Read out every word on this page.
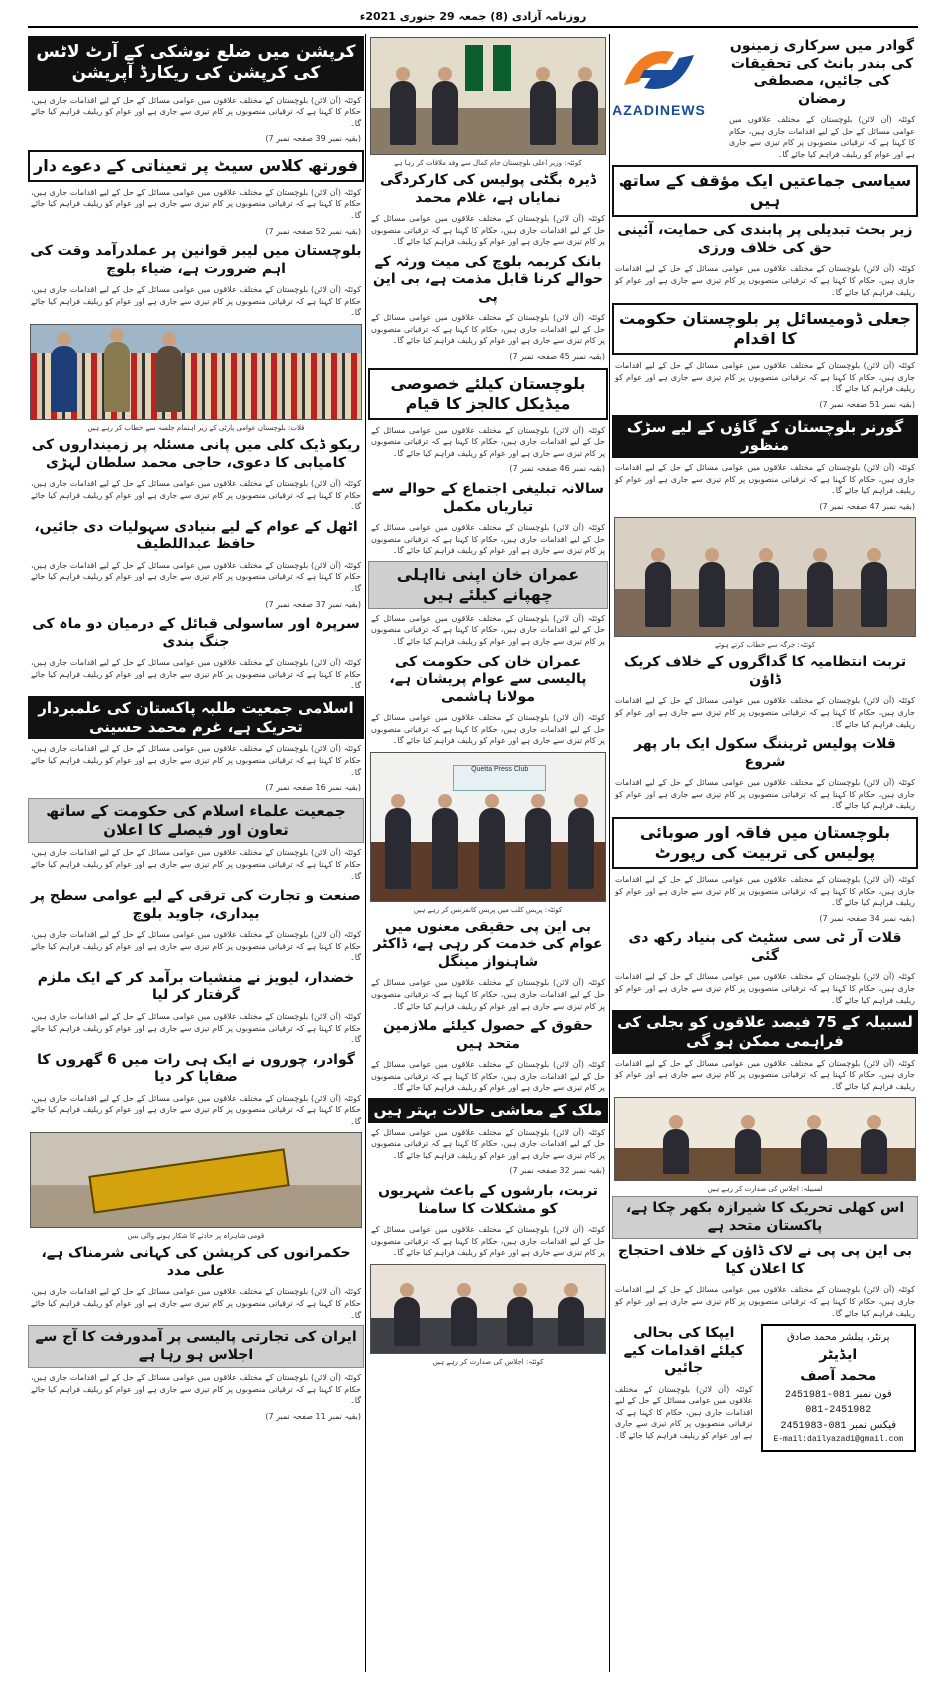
روزنامہ آزادی (8) جمعہ 29 جنوری 2021ء
AZADINEWS
گوادر میں سرکاری زمینوں کی بندر بانٹ کی تحقیقات کی جائیں، مصطفی رمضان
کوئٹہ (آن لائن) بلوچستان کے مختلف علاقوں میں عوامی مسائل کے حل کے لیے اقدامات جاری ہیں، حکام کا کہنا ہے کہ ترقیاتی منصوبوں پر کام تیزی سے جاری ہے اور عوام کو ریلیف فراہم کیا جائے گا۔
سیاسی جماعتیں ایک مؤقف کے ساتھ ہیں
زیر بحث تبدیلی پر پابندی کی حمایت، آئینی حق کی خلاف ورزی
کوئٹہ (آن لائن) بلوچستان کے مختلف علاقوں میں عوامی مسائل کے حل کے لیے اقدامات جاری ہیں، حکام کا کہنا ہے کہ ترقیاتی منصوبوں پر کام تیزی سے جاری ہے اور عوام کو ریلیف فراہم کیا جائے گا۔
جعلی ڈومیسائل پر بلوچستان حکومت کا اقدام
کوئٹہ (آن لائن) بلوچستان کے مختلف علاقوں میں عوامی مسائل کے حل کے لیے اقدامات جاری ہیں، حکام کا کہنا ہے کہ ترقیاتی منصوبوں پر کام تیزی سے جاری ہے اور عوام کو ریلیف فراہم کیا جائے گا۔
(بقیہ نمبر 51 صفحہ نمبر 7)
گورنر بلوچستان کے گاؤں کے لیے سڑک منظور
کوئٹہ (آن لائن) بلوچستان کے مختلف علاقوں میں عوامی مسائل کے حل کے لیے اقدامات جاری ہیں، حکام کا کہنا ہے کہ ترقیاتی منصوبوں پر کام تیزی سے جاری ہے اور عوام کو ریلیف فراہم کیا جائے گا۔
(بقیہ نمبر 47 صفحہ نمبر 7)
کوئٹہ: جرگہ سے خطاب کرتے ہوئے
تربت انتظامیہ کا گداگروں کے خلاف کریک ڈاؤن
کوئٹہ (آن لائن) بلوچستان کے مختلف علاقوں میں عوامی مسائل کے حل کے لیے اقدامات جاری ہیں، حکام کا کہنا ہے کہ ترقیاتی منصوبوں پر کام تیزی سے جاری ہے اور عوام کو ریلیف فراہم کیا جائے گا۔
قلات پولیس ٹریننگ سکول ایک بار پھر شروع
کوئٹہ (آن لائن) بلوچستان کے مختلف علاقوں میں عوامی مسائل کے حل کے لیے اقدامات جاری ہیں، حکام کا کہنا ہے کہ ترقیاتی منصوبوں پر کام تیزی سے جاری ہے اور عوام کو ریلیف فراہم کیا جائے گا۔
بلوچستان میں فاقہ اور صوبائی پولیس کی تربیت کی رپورٹ
کوئٹہ (آن لائن) بلوچستان کے مختلف علاقوں میں عوامی مسائل کے حل کے لیے اقدامات جاری ہیں، حکام کا کہنا ہے کہ ترقیاتی منصوبوں پر کام تیزی سے جاری ہے اور عوام کو ریلیف فراہم کیا جائے گا۔
(بقیہ نمبر 34 صفحہ نمبر 7)
قلات آر ٹی سی سٹیٹ کی بنیاد رکھ دی گئی
کوئٹہ (آن لائن) بلوچستان کے مختلف علاقوں میں عوامی مسائل کے حل کے لیے اقدامات جاری ہیں، حکام کا کہنا ہے کہ ترقیاتی منصوبوں پر کام تیزی سے جاری ہے اور عوام کو ریلیف فراہم کیا جائے گا۔
لسبیلہ کے 75 فیصد علاقوں کو بجلی کی فراہمی ممکن ہو گی
کوئٹہ (آن لائن) بلوچستان کے مختلف علاقوں میں عوامی مسائل کے حل کے لیے اقدامات جاری ہیں، حکام کا کہنا ہے کہ ترقیاتی منصوبوں پر کام تیزی سے جاری ہے اور عوام کو ریلیف فراہم کیا جائے گا۔
لسبیلہ: اجلاس کی صدارت کر رہے ہیں
اس کھلی تحریک کا شیرازہ بکھر چکا ہے، پاکستان متحد ہے
بی این پی پی نے لاک ڈاؤن کے خلاف احتجاج کا اعلان کیا
کوئٹہ (آن لائن) بلوچستان کے مختلف علاقوں میں عوامی مسائل کے حل کے لیے اقدامات جاری ہیں، حکام کا کہنا ہے کہ ترقیاتی منصوبوں پر کام تیزی سے جاری ہے اور عوام کو ریلیف فراہم کیا جائے گا۔
پرنٹر، پبلشر محمد صادق
ایڈیٹر
محمد آصف
فون نمبر 081-2451981
081-2451982
فیکس نمبر 081-2451983
E-mail:dailyazadi@gmail.com
ایپکا کی بحالی کیلئے اقدامات کیے جائیں
کوئٹہ (آن لائن) بلوچستان کے مختلف علاقوں میں عوامی مسائل کے حل کے لیے اقدامات جاری ہیں، حکام کا کہنا ہے کہ ترقیاتی منصوبوں پر کام تیزی سے جاری ہے اور عوام کو ریلیف فراہم کیا جائے گا۔
کوئٹہ: وزیر اعلی بلوچستان جام کمال سے وفد ملاقات کر رہا ہے
ڈیرہ بگٹی پولیس کی کارکردگی نمایاں ہے، غلام محمد
کوئٹہ (آن لائن) بلوچستان کے مختلف علاقوں میں عوامی مسائل کے حل کے لیے اقدامات جاری ہیں، حکام کا کہنا ہے کہ ترقیاتی منصوبوں پر کام تیزی سے جاری ہے اور عوام کو ریلیف فراہم کیا جائے گا۔
بانک کریمہ بلوچ کی میت ورثہ کے حوالے کرنا قابل مذمت ہے، بی این پی
کوئٹہ (آن لائن) بلوچستان کے مختلف علاقوں میں عوامی مسائل کے حل کے لیے اقدامات جاری ہیں، حکام کا کہنا ہے کہ ترقیاتی منصوبوں پر کام تیزی سے جاری ہے اور عوام کو ریلیف فراہم کیا جائے گا۔
(بقیہ نمبر 45 صفحہ نمبر 7)
بلوچستان کیلئے خصوصی میڈیکل کالجز کا قیام
کوئٹہ (آن لائن) بلوچستان کے مختلف علاقوں میں عوامی مسائل کے حل کے لیے اقدامات جاری ہیں، حکام کا کہنا ہے کہ ترقیاتی منصوبوں پر کام تیزی سے جاری ہے اور عوام کو ریلیف فراہم کیا جائے گا۔
(بقیہ نمبر 46 صفحہ نمبر 7)
سالانہ تبلیغی اجتماع کے حوالے سے تیاریاں مکمل
کوئٹہ (آن لائن) بلوچستان کے مختلف علاقوں میں عوامی مسائل کے حل کے لیے اقدامات جاری ہیں، حکام کا کہنا ہے کہ ترقیاتی منصوبوں پر کام تیزی سے جاری ہے اور عوام کو ریلیف فراہم کیا جائے گا۔
عمران خان اپنی نااہلی چھپانے کیلئے ہیں
کوئٹہ (آن لائن) بلوچستان کے مختلف علاقوں میں عوامی مسائل کے حل کے لیے اقدامات جاری ہیں، حکام کا کہنا ہے کہ ترقیاتی منصوبوں پر کام تیزی سے جاری ہے اور عوام کو ریلیف فراہم کیا جائے گا۔
عمران خان کی حکومت کی پالیسی سے عوام پریشان ہے، مولانا ہاشمی
کوئٹہ (آن لائن) بلوچستان کے مختلف علاقوں میں عوامی مسائل کے حل کے لیے اقدامات جاری ہیں، حکام کا کہنا ہے کہ ترقیاتی منصوبوں پر کام تیزی سے جاری ہے اور عوام کو ریلیف فراہم کیا جائے گا۔
Quetta Press Club
کوئٹہ: پریس کلب میں پریس کانفرنس کر رہے ہیں
بی این پی حقیقی معنوں میں عوام کی خدمت کر رہی ہے، ڈاکٹر شاہنواز مینگل
کوئٹہ (آن لائن) بلوچستان کے مختلف علاقوں میں عوامی مسائل کے حل کے لیے اقدامات جاری ہیں، حکام کا کہنا ہے کہ ترقیاتی منصوبوں پر کام تیزی سے جاری ہے اور عوام کو ریلیف فراہم کیا جائے گا۔
حقوق کے حصول کیلئے ملازمین متحد ہیں
کوئٹہ (آن لائن) بلوچستان کے مختلف علاقوں میں عوامی مسائل کے حل کے لیے اقدامات جاری ہیں، حکام کا کہنا ہے کہ ترقیاتی منصوبوں پر کام تیزی سے جاری ہے اور عوام کو ریلیف فراہم کیا جائے گا۔
ملک کے معاشی حالات بہتر ہیں
کوئٹہ (آن لائن) بلوچستان کے مختلف علاقوں میں عوامی مسائل کے حل کے لیے اقدامات جاری ہیں، حکام کا کہنا ہے کہ ترقیاتی منصوبوں پر کام تیزی سے جاری ہے اور عوام کو ریلیف فراہم کیا جائے گا۔
(بقیہ نمبر 32 صفحہ نمبر 7)
تربت، بارشوں کے باعث شہریوں کو مشکلات کا سامنا
کوئٹہ (آن لائن) بلوچستان کے مختلف علاقوں میں عوامی مسائل کے حل کے لیے اقدامات جاری ہیں، حکام کا کہنا ہے کہ ترقیاتی منصوبوں پر کام تیزی سے جاری ہے اور عوام کو ریلیف فراہم کیا جائے گا۔
کوئٹہ: اجلاس کی صدارت کر رہے ہیں
کرپشن میں ضلع نوشکی کے آرٹ لاٹس کی کرپشن کی ریکارڈ آپریشن
کوئٹہ (آن لائن) بلوچستان کے مختلف علاقوں میں عوامی مسائل کے حل کے لیے اقدامات جاری ہیں، حکام کا کہنا ہے کہ ترقیاتی منصوبوں پر کام تیزی سے جاری ہے اور عوام کو ریلیف فراہم کیا جائے گا۔
(بقیہ نمبر 39 صفحہ نمبر 7)
فورتھ کلاس سیٹ پر تعیناتی کے دعوے دار
کوئٹہ (آن لائن) بلوچستان کے مختلف علاقوں میں عوامی مسائل کے حل کے لیے اقدامات جاری ہیں، حکام کا کہنا ہے کہ ترقیاتی منصوبوں پر کام تیزی سے جاری ہے اور عوام کو ریلیف فراہم کیا جائے گا۔
(بقیہ نمبر 52 صفحہ نمبر 7)
بلوچستان میں لیبر قوانین پر عملدرآمد وقت کی اہم ضرورت ہے، ضیاء بلوچ
کوئٹہ (آن لائن) بلوچستان کے مختلف علاقوں میں عوامی مسائل کے حل کے لیے اقدامات جاری ہیں، حکام کا کہنا ہے کہ ترقیاتی منصوبوں پر کام تیزی سے جاری ہے اور عوام کو ریلیف فراہم کیا جائے گا۔
قلات: بلوچستان عوامی پارٹی کے زیر اہتمام جلسہ سے خطاب کر رہے ہیں
ریکو ڈیک کلی میں پانی مسئلہ پر زمینداروں کی کامیابی کا دعوی، حاجی محمد سلطان لہڑی
کوئٹہ (آن لائن) بلوچستان کے مختلف علاقوں میں عوامی مسائل کے حل کے لیے اقدامات جاری ہیں، حکام کا کہنا ہے کہ ترقیاتی منصوبوں پر کام تیزی سے جاری ہے اور عوام کو ریلیف فراہم کیا جائے گا۔
اٹھل کے عوام کے لیے بنیادی سہولیات دی جائیں، حافظ عبداللطیف
کوئٹہ (آن لائن) بلوچستان کے مختلف علاقوں میں عوامی مسائل کے حل کے لیے اقدامات جاری ہیں، حکام کا کہنا ہے کہ ترقیاتی منصوبوں پر کام تیزی سے جاری ہے اور عوام کو ریلیف فراہم کیا جائے گا۔
(بقیہ نمبر 37 صفحہ نمبر 7)
سرپرہ اور ساسولی قبائل کے درمیان دو ماہ کی جنگ بندی
کوئٹہ (آن لائن) بلوچستان کے مختلف علاقوں میں عوامی مسائل کے حل کے لیے اقدامات جاری ہیں، حکام کا کہنا ہے کہ ترقیاتی منصوبوں پر کام تیزی سے جاری ہے اور عوام کو ریلیف فراہم کیا جائے گا۔
اسلامی جمعیت طلبہ پاکستان کی علمبردار تحریک ہے، غرم محمد حسینی
کوئٹہ (آن لائن) بلوچستان کے مختلف علاقوں میں عوامی مسائل کے حل کے لیے اقدامات جاری ہیں، حکام کا کہنا ہے کہ ترقیاتی منصوبوں پر کام تیزی سے جاری ہے اور عوام کو ریلیف فراہم کیا جائے گا۔
(بقیہ نمبر 16 صفحہ نمبر 7)
جمعیت علماء اسلام کی حکومت کے ساتھ تعاون اور فیصلے کا اعلان
کوئٹہ (آن لائن) بلوچستان کے مختلف علاقوں میں عوامی مسائل کے حل کے لیے اقدامات جاری ہیں، حکام کا کہنا ہے کہ ترقیاتی منصوبوں پر کام تیزی سے جاری ہے اور عوام کو ریلیف فراہم کیا جائے گا۔
صنعت و تجارت کی ترقی کے لیے عوامی سطح پر بیداری، جاوید بلوچ
کوئٹہ (آن لائن) بلوچستان کے مختلف علاقوں میں عوامی مسائل کے حل کے لیے اقدامات جاری ہیں، حکام کا کہنا ہے کہ ترقیاتی منصوبوں پر کام تیزی سے جاری ہے اور عوام کو ریلیف فراہم کیا جائے گا۔
خضدار، لیویز نے منشیات برآمد کر کے ایک ملزم گرفتار کر لیا
کوئٹہ (آن لائن) بلوچستان کے مختلف علاقوں میں عوامی مسائل کے حل کے لیے اقدامات جاری ہیں، حکام کا کہنا ہے کہ ترقیاتی منصوبوں پر کام تیزی سے جاری ہے اور عوام کو ریلیف فراہم کیا جائے گا۔
گوادر، چوروں نے ایک ہی رات میں 6 گھروں کا صفایا کر دیا
کوئٹہ (آن لائن) بلوچستان کے مختلف علاقوں میں عوامی مسائل کے حل کے لیے اقدامات جاری ہیں، حکام کا کہنا ہے کہ ترقیاتی منصوبوں پر کام تیزی سے جاری ہے اور عوام کو ریلیف فراہم کیا جائے گا۔
قومی شاہراہ پر حادثے کا شکار ہونے والی بس
حکمرانوں کی کرپشن کی کہانی شرمناک ہے، علی مدد
کوئٹہ (آن لائن) بلوچستان کے مختلف علاقوں میں عوامی مسائل کے حل کے لیے اقدامات جاری ہیں، حکام کا کہنا ہے کہ ترقیاتی منصوبوں پر کام تیزی سے جاری ہے اور عوام کو ریلیف فراہم کیا جائے گا۔
ایران کی تجارتی پالیسی پر آمدورفت کا آج سے اجلاس ہو رہا ہے
کوئٹہ (آن لائن) بلوچستان کے مختلف علاقوں میں عوامی مسائل کے حل کے لیے اقدامات جاری ہیں، حکام کا کہنا ہے کہ ترقیاتی منصوبوں پر کام تیزی سے جاری ہے اور عوام کو ریلیف فراہم کیا جائے گا۔
(بقیہ نمبر 11 صفحہ نمبر 7)
